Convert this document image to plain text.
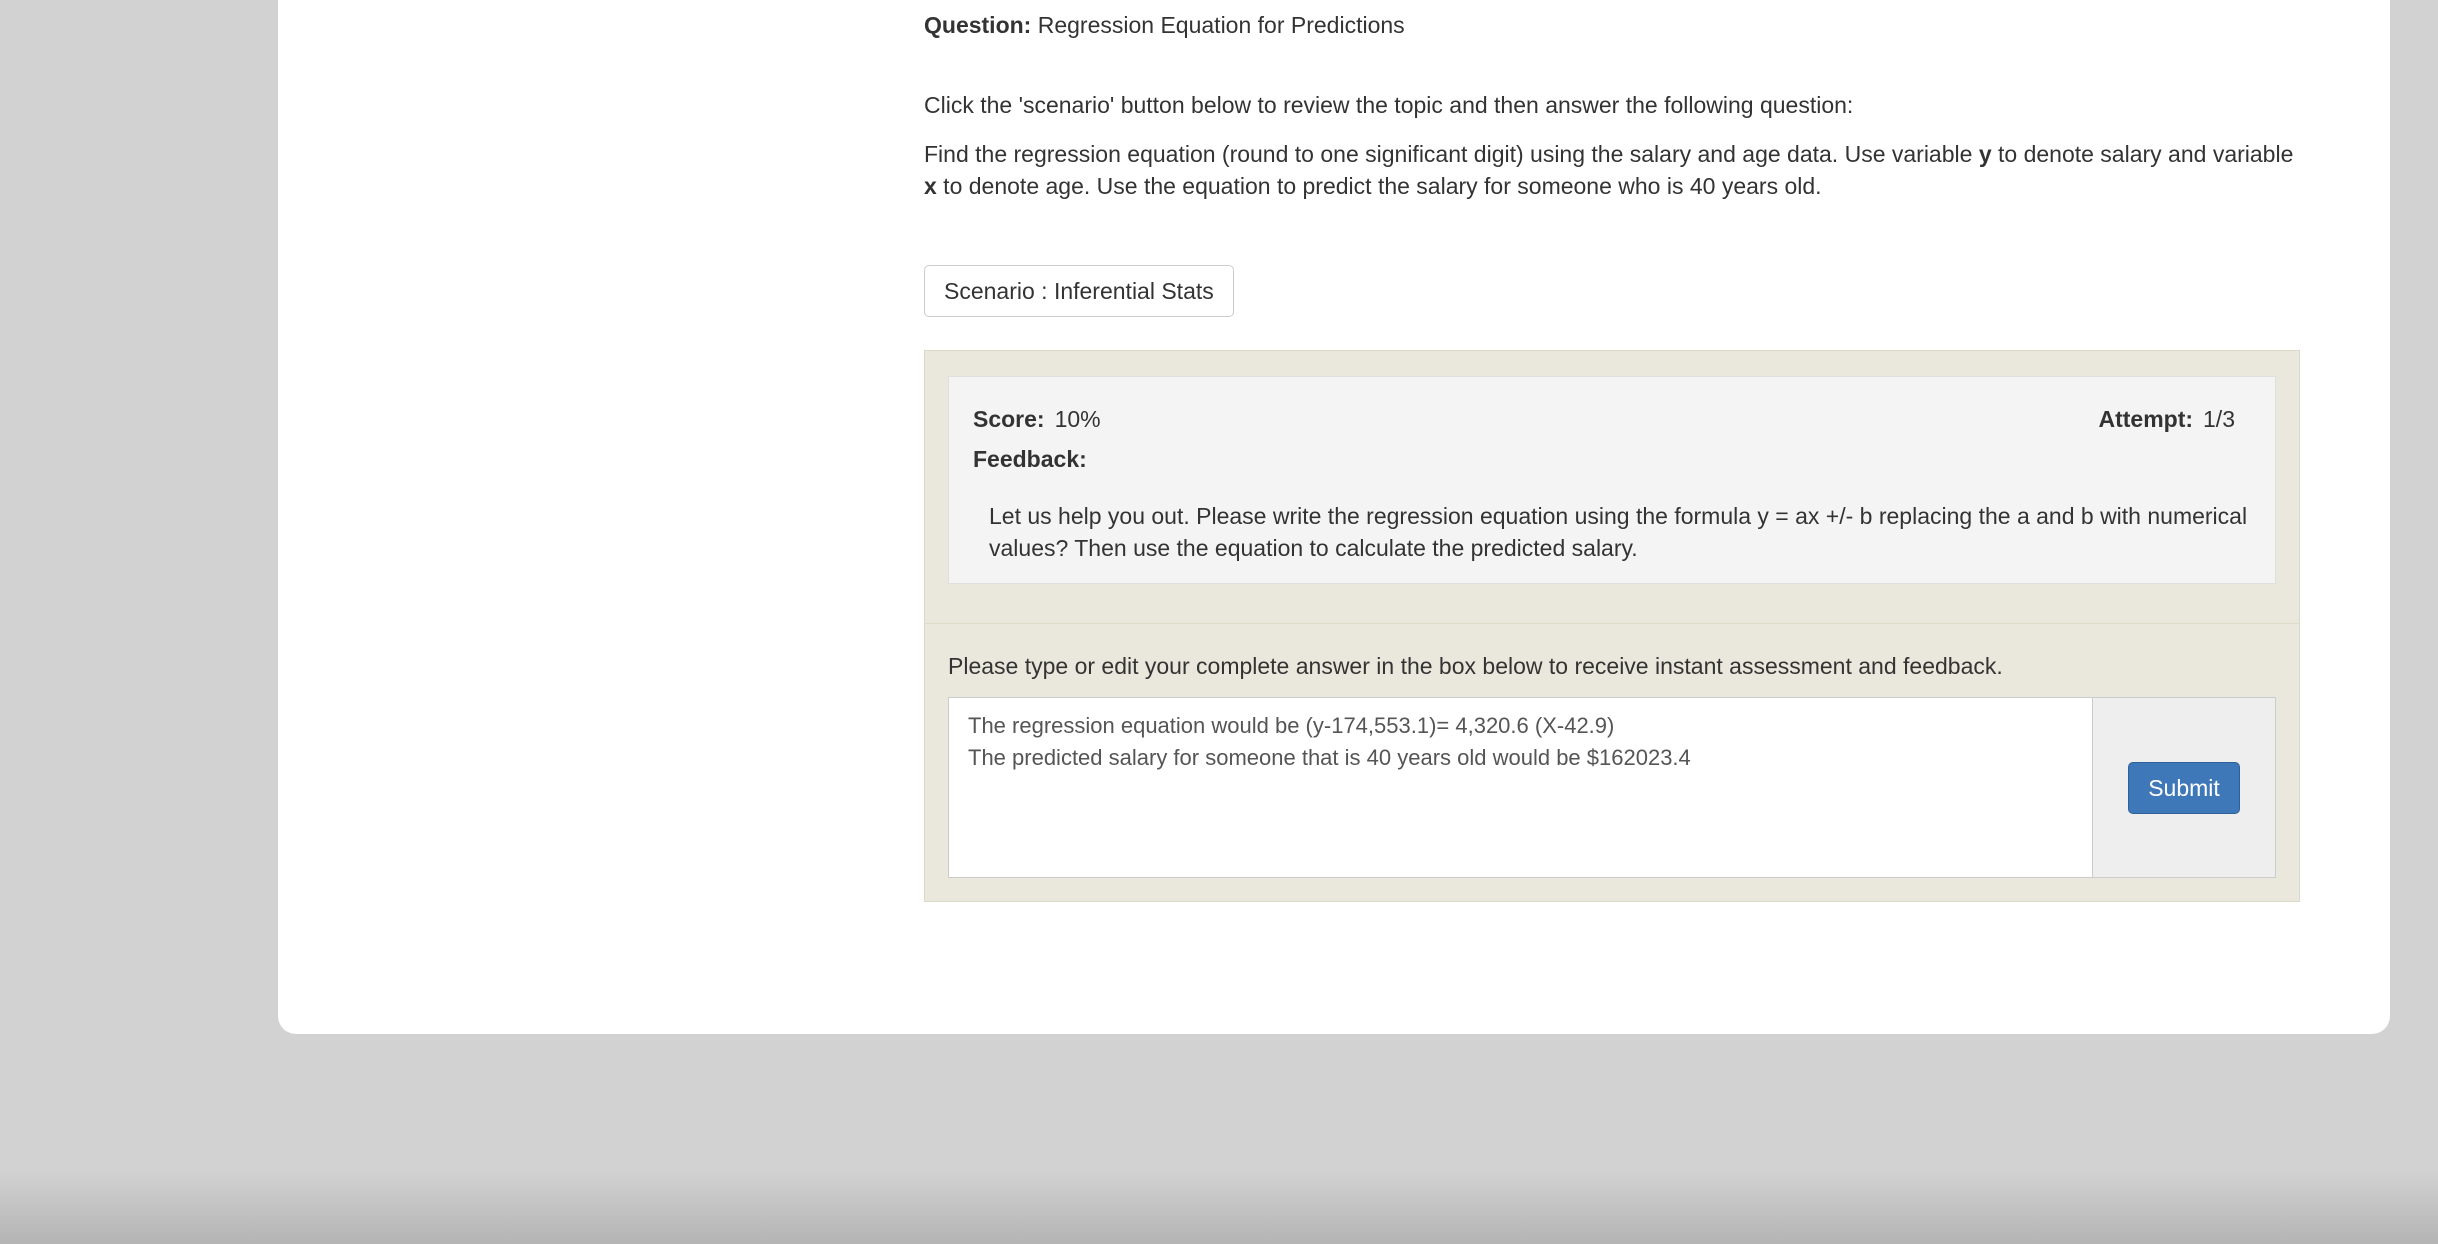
Question: Regression Equation for Predictions
Click the 'scenario' button below to review the topic and then answer the following question:
Find the regression equation (round to one significant digit) using the salary and age data. Use variable y to denote salary and variable x to denote age. Use the equation to predict the salary for someone who is 40 years old.
Scenario : Inferential Stats
Score: 10%	Attempt: 1/3
Feedback:
Let us help you out. Please write the regression equation using the formula y = ax +/- b replacing the a and b with numerical values? Then use the equation to calculate the predicted salary.
Please type or edit your complete answer in the box below to receive instant assessment and feedback.
The regression equation would be (y-174,553.1)= 4,320.6 (X-42.9) The predicted salary for someone that is 40 years old would be $162023.4
Submit
